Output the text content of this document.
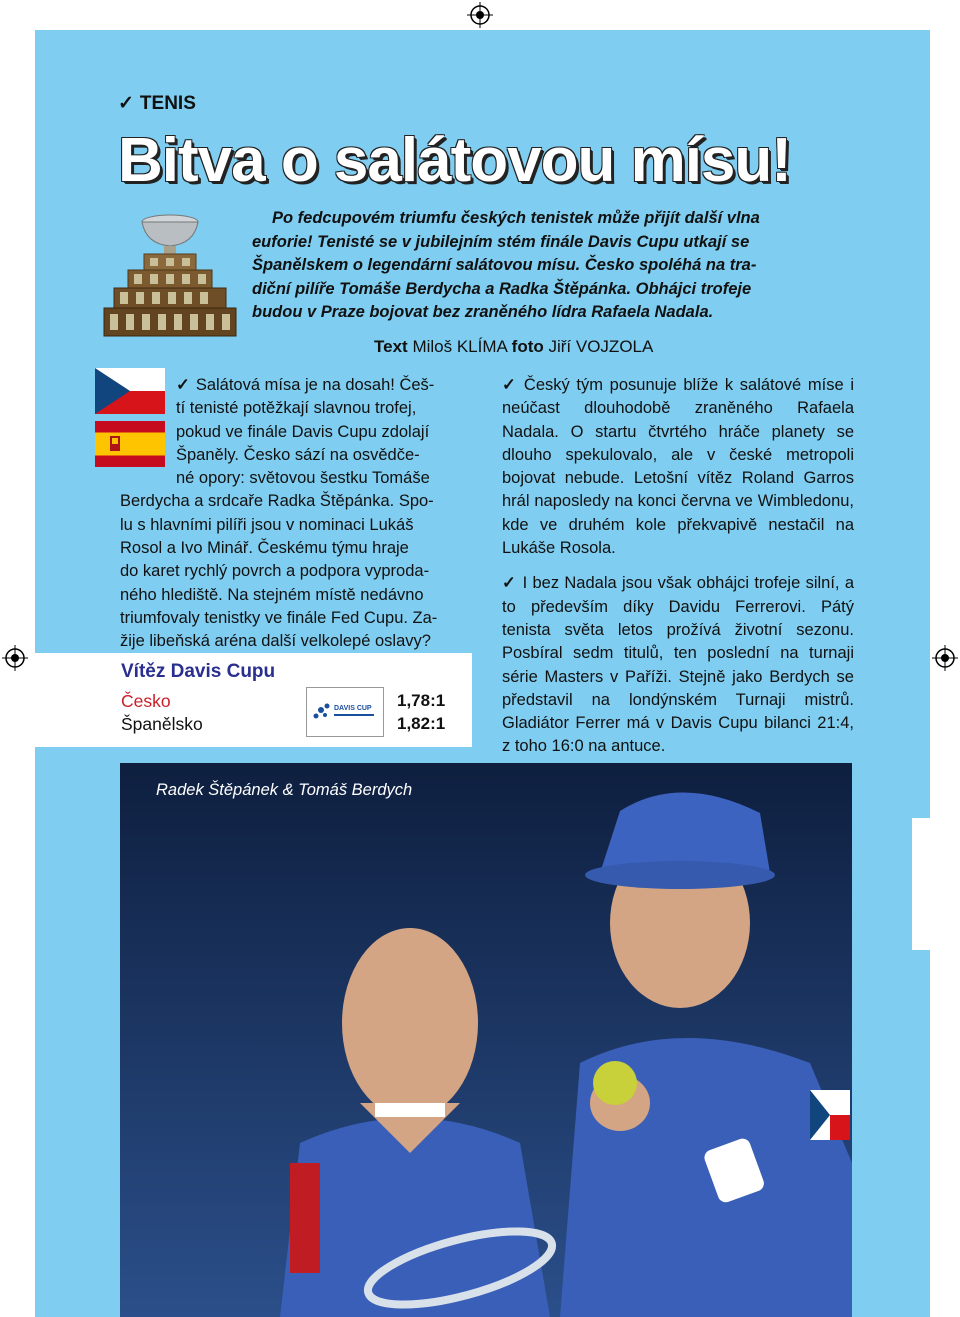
✓ TENIS
Bitva o salátovou mísu!
Po fedcupovém triumfu českých tenistek může přijít další vlna
euforie! Tenisté se v jubilejním stém finále Davis Cupu utkají se
Španělskem o legendární salátovou mísu. Česko spoléhá na tra-
diční pilíře Tomáše Berdycha a Radka Štěpánka. Obhájci trofeje
budou v Praze bojovat bez zraněného lídra Rafaela Nadala.
Text Miloš KLÍMA foto Jiří VOJZOLA

✓ Salátová mísa je na dosah! Češ-

tí tenisté potěžkají slavnou trofej,

pokud ve finále Davis Cupu zdolají

Španěly. Česko sází na osvědče-

né opory: světovou šestku Tomáše

Berdycha a srdcaře Radka Štěpánka. Spo-

lu s hlavními pilíři jsou v nominaci Lukáš

Rosol a Ivo Minář. Českému týmu hraje

do karet rychlý povrch a podpora vyproda-

ného hlediště. Na stejném místě nedávno

triumfovaly tenistky ve finále Fed Cupu. Za-

žije libeňská aréna další velkolepé oslavy?

✓ Český tým posunuje blíže k salátové míse i neúčast dlouhodobě zraněného Rafaela Nadala. O startu čtvrtého hráče planety se dlouho spekulovalo, ale v české metropoli bojovat nebude. Letošní vítěz Roland Garros hrál naposledy na konci června ve Wimbledonu, kde ve druhém kole překvapivě nestačil na Lukáše Rosola.

✓ I bez Nadala jsou však obhájci trofeje silní, a to především díky Davidu Ferrerovi. Pátý tenista světa letos prožívá životní sezonu. Posbíral sedm titulů, ten poslední na turnaji série Masters v Paříži. Stejně jako Berdych se představil na londýnském Turnaji mistrů. Gladiátor Ferrer má v Davis Cupu bilanci 21:4, z toho 16:0 na antuce.

Vítěz Davis Cupu
Česko
Španělsko
DAVIS CUP 1,78:1
1,82:1
Radek Štěpánek & Tomáš Berdych
